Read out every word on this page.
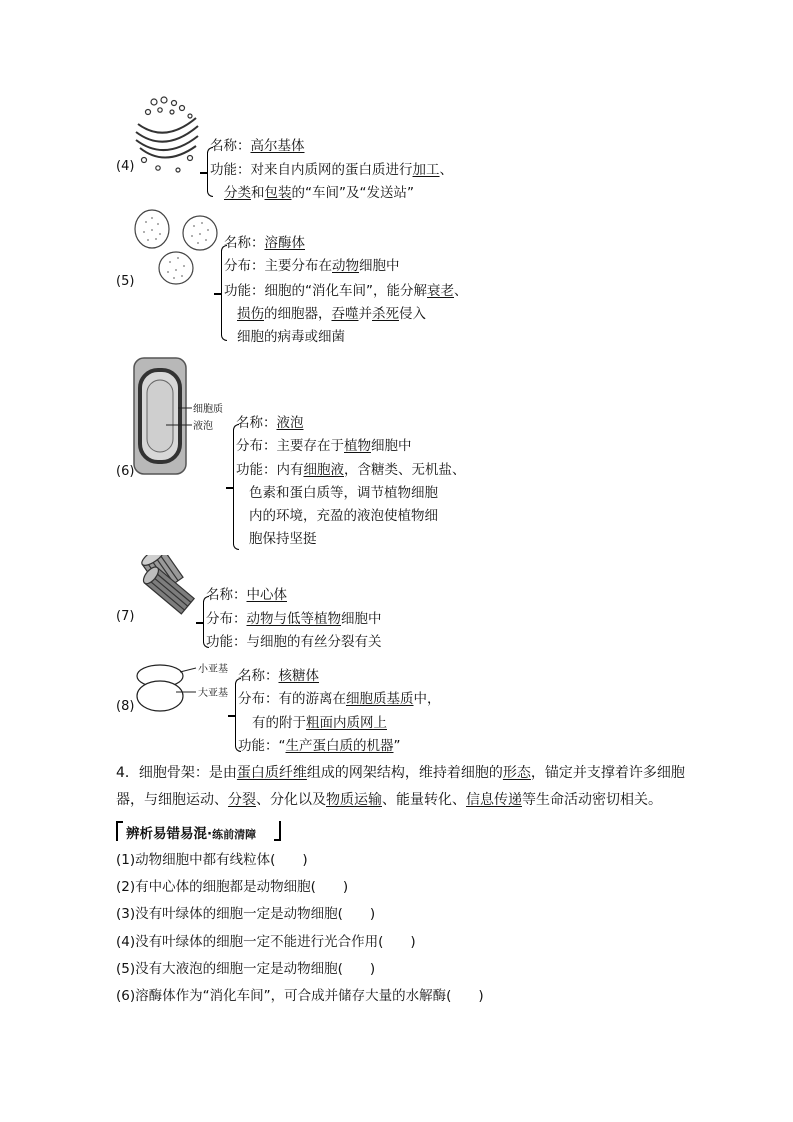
(4)
名称：高尔基体
功能：对来自内质网的蛋白质进行加工、
分类和包装的“车间”及“发送站”
(5)
名称：溶酶体
分布：主要分布在动物细胞中
功能：细胞的“消化车间”，能分解衰老、
损伤的细胞器，吞噬并杀死侵入
细胞的病毒或细菌
细胞质
液泡
(6)
名称：液泡
分布：主要存在于植物细胞中
功能：内有细胞液，含糖类、无机盐、
色素和蛋白质等，调节植物细胞
内的环境，充盈的液泡使植物细
胞保持坚挺
(7)
名称：中心体
分布：动物与低等植物细胞中
功能：与细胞的有丝分裂有关
小亚基
大亚基
(8)
名称：核糖体
分布：有的游离在细胞质基质中，
有的附于粗面内质网上
功能：“生产蛋白质的机器”
4．细胞骨架：是由蛋白质纤维组成的网架结构，维持着细胞的形态，锚定并支撑着许多细胞
器，与细胞运动、分裂、分化以及物质运输、能量转化、信息传递等生命活动密切相关。
辨析易错易混·练前清障
(1)动物细胞中都有线粒体(　　)
(2)有中心体的细胞都是动物细胞(　　)
(3)没有叶绿体的细胞一定是动物细胞(　　)
(4)没有叶绿体的细胞一定不能进行光合作用(　　)
(5)没有大液泡的细胞一定是动物细胞(　　)
(6)溶酶体作为“消化车间”，可合成并储存大量的水解酶(　　)
